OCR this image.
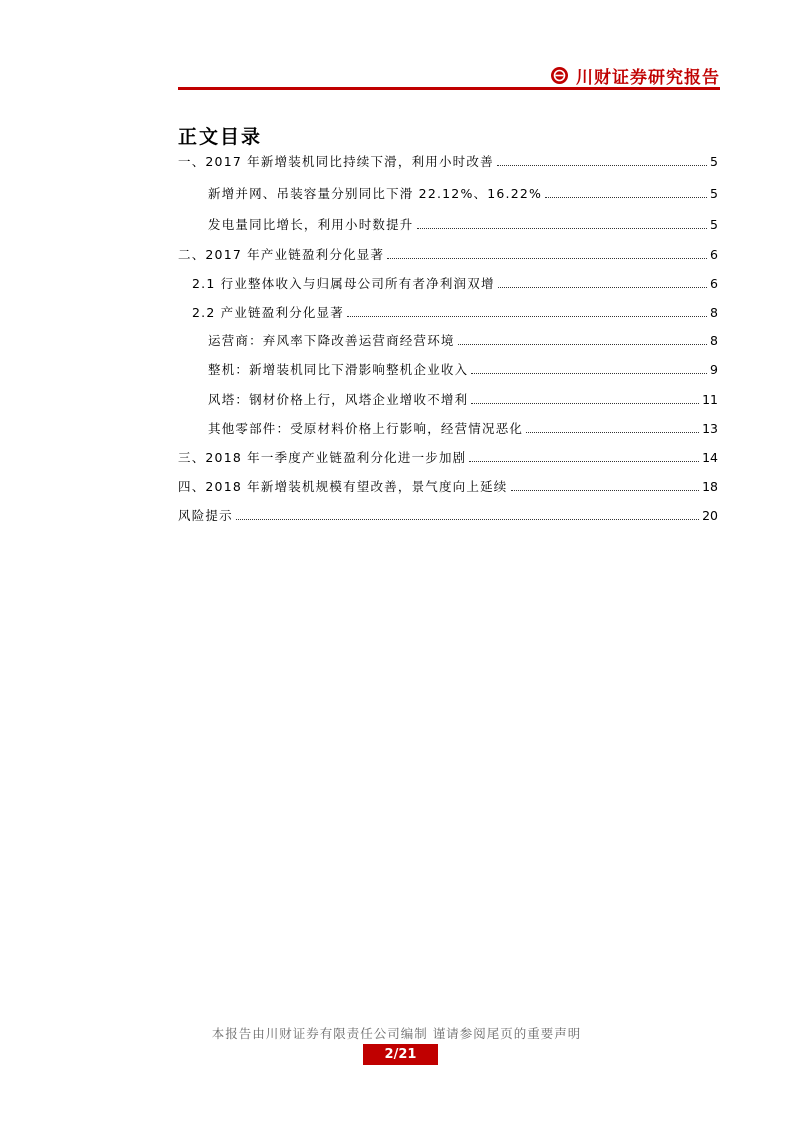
川财证券研究报告
正文目录
一、2017 年新增装机同比持续下滑，利用小时改善	5
新增并网、吊装容量分别同比下滑 22.12%、16.22%	5
发电量同比增长，利用小时数提升	5
二、2017 年产业链盈利分化显著	6
2.1 行业整体收入与归属母公司所有者净利润双增	6
2.2 产业链盈利分化显著	8
运营商：弃风率下降改善运营商经营环境	8
整机：新增装机同比下滑影响整机企业收入	9
风塔：钢材价格上行，风塔企业增收不增利	11
其他零部件：受原材料价格上行影响，经营情况恶化	13
三、2018 年一季度产业链盈利分化进一步加剧	14
四、2018 年新增装机规模有望改善，景气度向上延续	18
风险提示	20
本报告由川财证券有限责任公司编制 谨请参阅尾页的重要声明
2/21
